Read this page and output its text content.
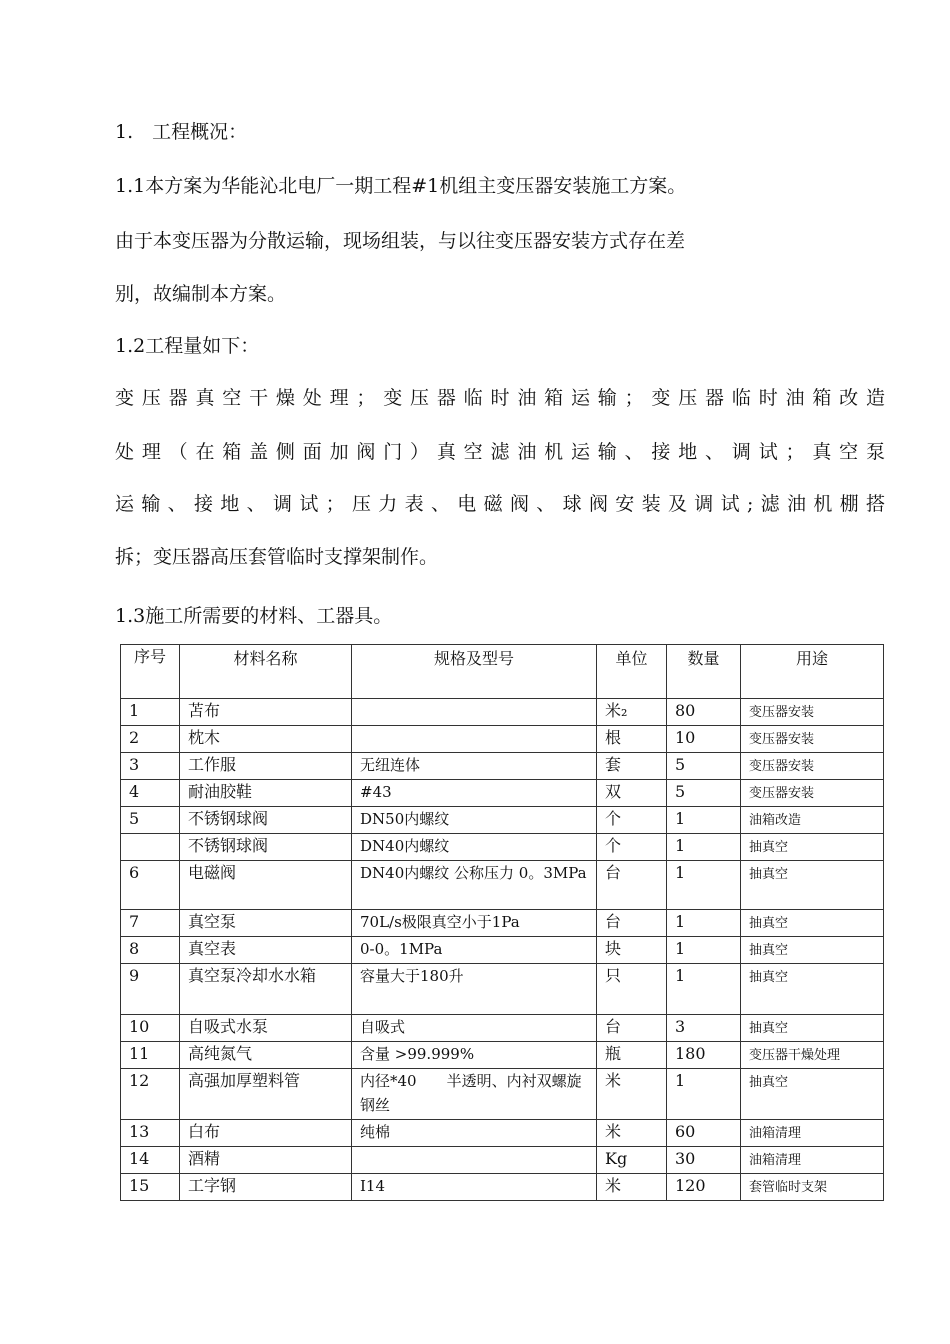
1.　工程概况：
1.1本方案为华能沁北电厂一期工程#1机组主变压器安装施工方案。
由于本变压器为分散运输，现场组装，与以往变压器安装方式存在差
别，故编制本方案。
1.2工程量如下：
变压器真空干燥处理；变压器临时油箱运输；变压器临时油箱改造
处理（在箱盖侧面加阀门）真空滤油机运输、接地、调试；真空泵
运输、接地、调试；压力表、电磁阀、球阀安装及调试;滤油机棚搭
拆；变压器高压套管临时支撑架制作。
1.3施工所需要的材料、工器具。
序号	材料名称	规格及型号	单位	数量	用途
1	苫布		米₂	80	变压器安装
2	枕木		根	10	变压器安装
3	工作服	无纽连体	套	5	变压器安装
4	耐油胶鞋	#43	双	5	变压器安装
5	不锈钢球阀	DN50内螺纹	个	1	油箱改造
	不锈钢球阀	DN40内螺纹	个	1	抽真空
6	电磁阀	DN40内螺纹 公称压力 0。3MPa	台	1	抽真空
7	真空泵	70L/s极限真空小于1Pa	台	1	抽真空
8	真空表	0-0。1MPa	块	1	抽真空
9	真空泵冷却水水箱	容量大于180升	只	1	抽真空
10	自吸式水泵	自吸式	台	3	抽真空
11	高纯氮气	含量 >99.999%	瓶	180	变压器干燥处理
12	高强加厚塑料管	内径*40　　半透明、内衬双螺旋钢丝	米	1	抽真空
13	白布	纯棉	米	60	油箱清理
14	酒精		Kg	30	油箱清理
15	工字钢	I14	米	120	套管临时支架
